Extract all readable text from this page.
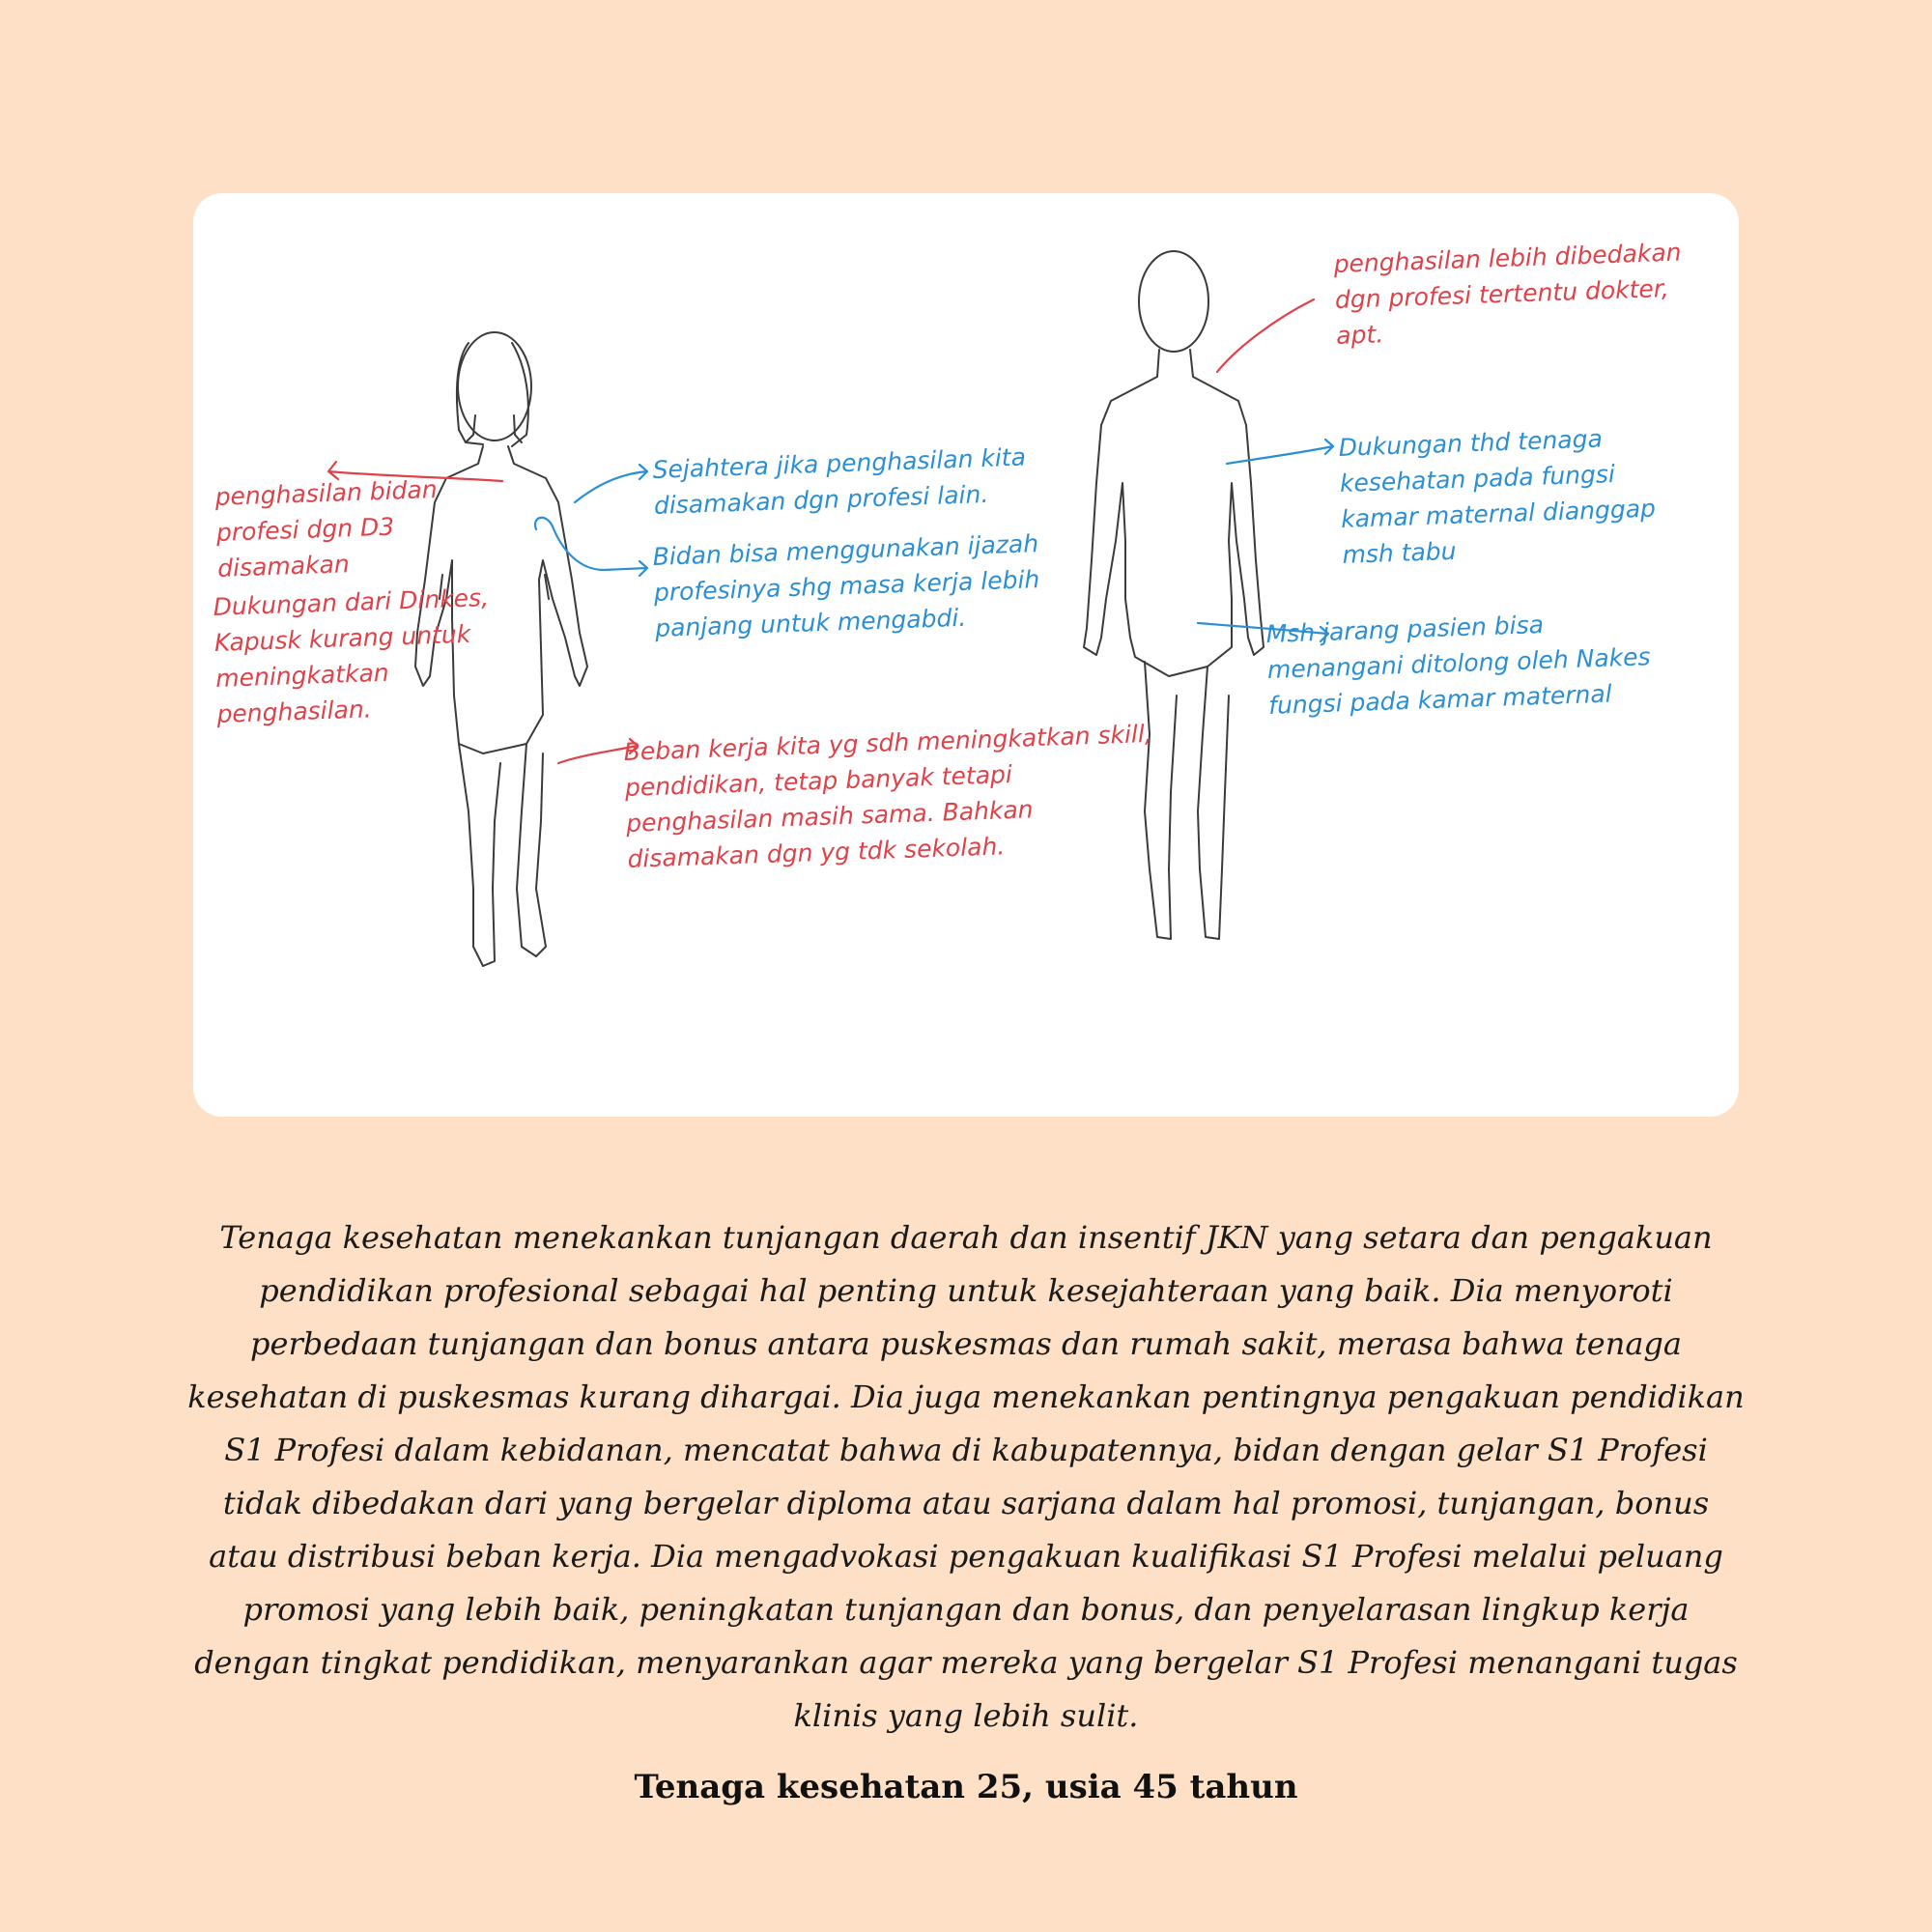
penghasilan bidan profesi dgn D3 disamakan
Dukungan dari Dinkes, Kapusk kurang untuk meningkatkan penghasilan.
Beban kerja kita yg sdh meningkatkan skill, pendidikan, tetap banyak tetapi penghasilan masih sama. Bahkan disamakan dgn yg tdk sekolah.
penghasilan lebih dibedakan dgn profesi tertentu dokter, apt.
Sejahtera jika penghasilan kita disamakan dgn profesi lain.
Bidan bisa menggunakan ijazah profesinya shg masa kerja lebih panjang untuk mengabdi.
Dukungan thd tenaga kesehatan pada fungsi kamar maternal dianggap msh tabu
Msh jarang pasien bisa menangani ditolong oleh Nakes fungsi pada kamar maternal

Tenaga kesehatan menekankan tunjangan daerah dan insentif JKN yang setara dan pengakuan pendidikan profesional sebagai hal penting untuk kesejahteraan yang baik. Dia menyoroti perbedaan tunjangan dan bonus antara puskesmas dan rumah sakit, merasa bahwa tenaga kesehatan di puskesmas kurang dihargai. Dia juga menekankan pentingnya pengakuan pendidikan S1 Profesi dalam kebidanan, mencatat bahwa di kabupatennya, bidan dengan gelar S1 Profesi tidak dibedakan dari yang bergelar diploma atau sarjana dalam hal promosi, tunjangan, bonus atau distribusi beban kerja. Dia mengadvokasi pengakuan kualifikasi S1 Profesi melalui peluang promosi yang lebih baik, peningkatan tunjangan dan bonus, dan penyelarasan lingkup kerja dengan tingkat pendidikan, menyarankan agar mereka yang bergelar S1 Profesi menangani tugas klinis yang lebih sulit.

Tenaga kesehatan 25, usia 45 tahun
